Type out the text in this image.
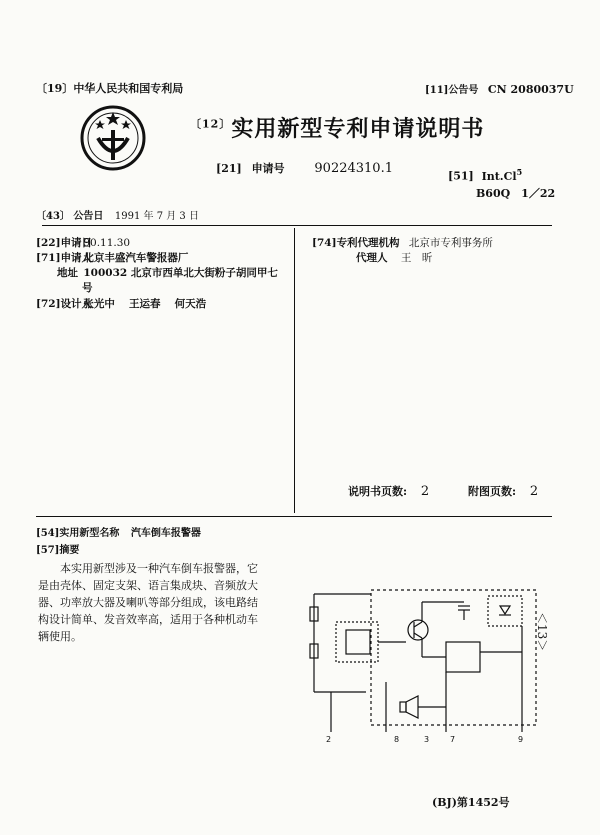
〔19〕中华人民共和国专利局	[11]公告号 CN 2080037U
$^{〔12〕}$实用新型专利申请说明书
[21] 申请号 90224310.1
[51] Int.Cl$^5$
B60Q　1／22
〔43〕 公告日 1991 年 7 月 3 日
[22]申请日 90.11.30
[71]申请人 北京丰盛汽车警报器厂
地址 100032 北京市西单北大街粉子胡同甲七
号
[72]设计人 张光中　 王运春　 何天浩
[74]专利代理机构 北京市专利事务所
代理人 王　昕
说明书页数: 2	附图页数: 2
[54]实用新型名称 汽车倒车报警器
[57]摘要
本实用新型涉及一种汽车倒车报警器，它是由壳体、固定支架、语言集成块、音频放大器、功率放大器及喇叭等部分组成，该电路结构设计简单、发音效率高，适用于各种机动车辆使用。
2	8	3	7	9
＜13＞
(BJ)第1452号
